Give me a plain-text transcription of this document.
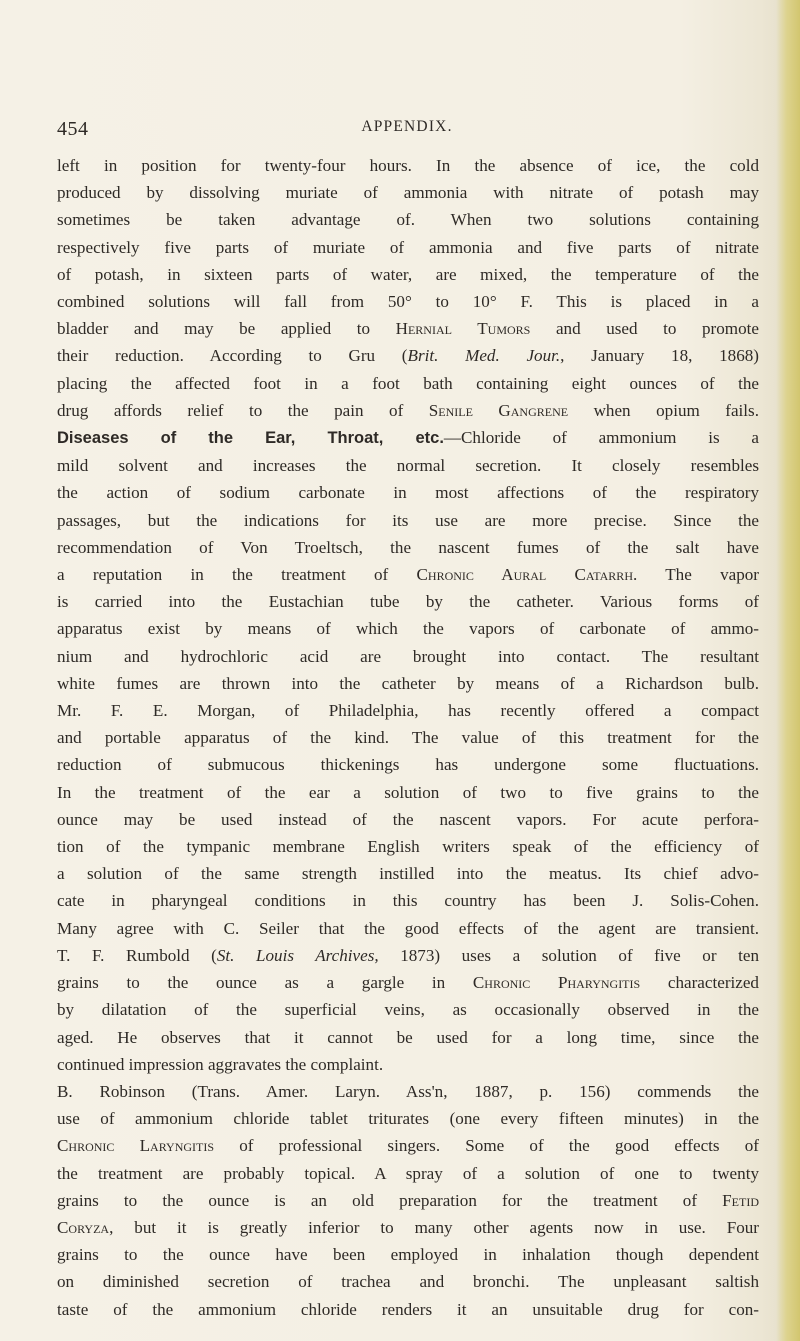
454	APPENDIX.
left in position for twenty-four hours. In the absence of ice, the cold
produced by dissolving muriate of ammonia with nitrate of potash may
sometimes be taken advantage of. When two solutions containing
respectively five parts of muriate of ammonia and five parts of nitrate
of potash, in sixteen parts of water, are mixed, the temperature of the
combined solutions will fall from 50° to 10° F. This is placed in a
bladder and may be applied to Hernial Tumors and used to promote
their reduction. According to Gru (Brit. Med. Jour., January 18, 1868)
placing the affected foot in a foot bath containing eight ounces of the
drug affords relief to the pain of Senile Gangrene when opium fails.
Diseases of the Ear, Throat, etc.—Chloride of ammonium is a
mild solvent and increases the normal secretion. It closely resembles
the action of sodium carbonate in most affections of the respiratory
passages, but the indications for its use are more precise. Since the
recommendation of Von Troeltsch, the nascent fumes of the salt have
a reputation in the treatment of Chronic Aural Catarrh. The vapor
is carried into the Eustachian tube by the catheter. Various forms of
apparatus exist by means of which the vapors of carbonate of ammo-
nium and hydrochloric acid are brought into contact. The resultant
white fumes are thrown into the catheter by means of a Richardson bulb.
Mr. F. E. Morgan, of Philadelphia, has recently offered a compact
and portable apparatus of the kind. The value of this treatment for the
reduction of submucous thickenings has undergone some fluctuations.
In the treatment of the ear a solution of two to five grains to the
ounce may be used instead of the nascent vapors. For acute perfora-
tion of the tympanic membrane English writers speak of the efficiency of
a solution of the same strength instilled into the meatus. Its chief advo-
cate in pharyngeal conditions in this country has been J. Solis-Cohen.
Many agree with C. Seiler that the good effects of the agent are transient.
T. F. Rumbold (St. Louis Archives, 1873) uses a solution of five or ten
grains to the ounce as a gargle in Chronic Pharyngitis characterized
by dilatation of the superficial veins, as occasionally observed in the
aged. He observes that it cannot be used for a long time, since the
continued impression aggravates the complaint.
B. Robinson (Trans. Amer. Laryn. Ass'n, 1887, p. 156) commends the
use of ammonium chloride tablet triturates (one every fifteen minutes) in the
Chronic Laryngitis of professional singers. Some of the good effects of
the treatment are probably topical. A spray of a solution of one to twenty
grains to the ounce is an old preparation for the treatment of Fetid
Coryza, but it is greatly inferior to many other agents now in use. Four
grains to the ounce have been employed in inhalation though dependent
on diminished secretion of trachea and bronchi. The unpleasant saltish
taste of the ammonium chloride renders it an unsuitable drug for con-
